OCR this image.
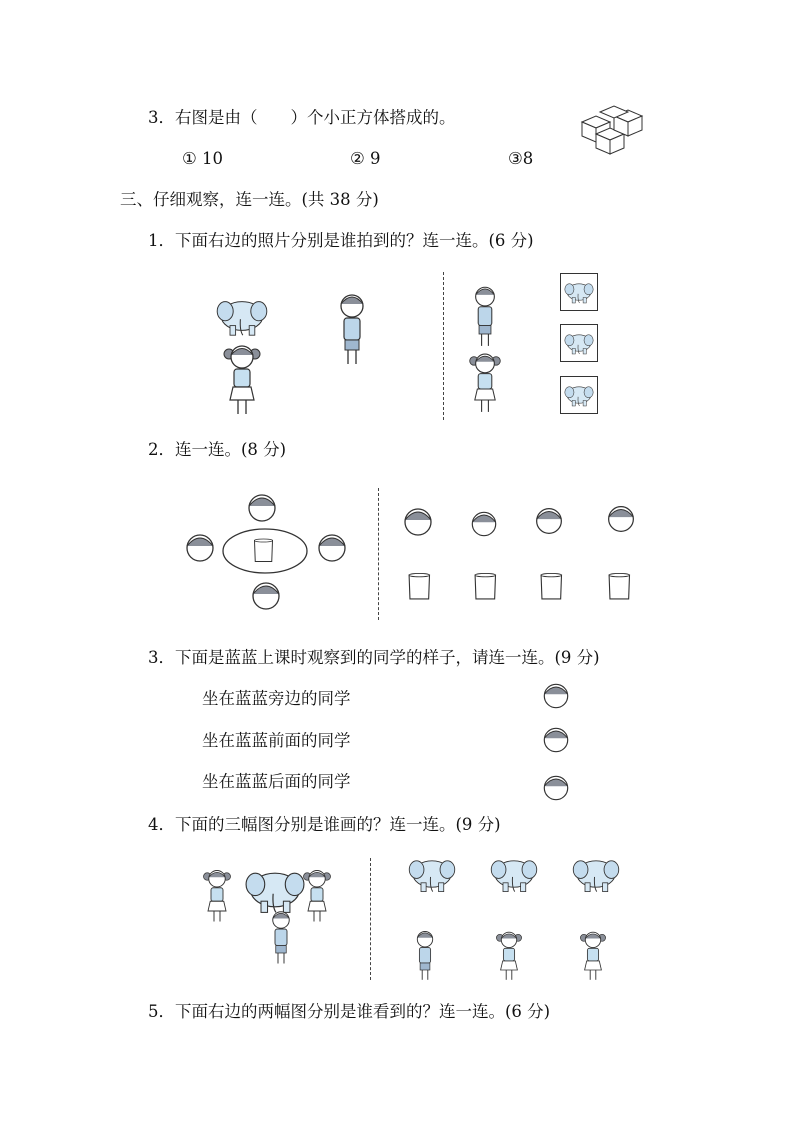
3．右图是由（　　）个小正方体搭成的。
① 10	② 9	③8
三、仔细观察，连一连。(共 38 分)
1．下面右边的照片分别是谁拍到的？连一连。(6 分)
2．连一连。(8 分)
3．下面是蓝蓝上课时观察到的同学的样子，请连一连。(9 分)
坐在蓝蓝旁边的同学
坐在蓝蓝前面的同学
坐在蓝蓝后面的同学
4．下面的三幅图分别是谁画的？连一连。(9 分)
5．下面右边的两幅图分别是谁看到的？连一连。(6 分)
